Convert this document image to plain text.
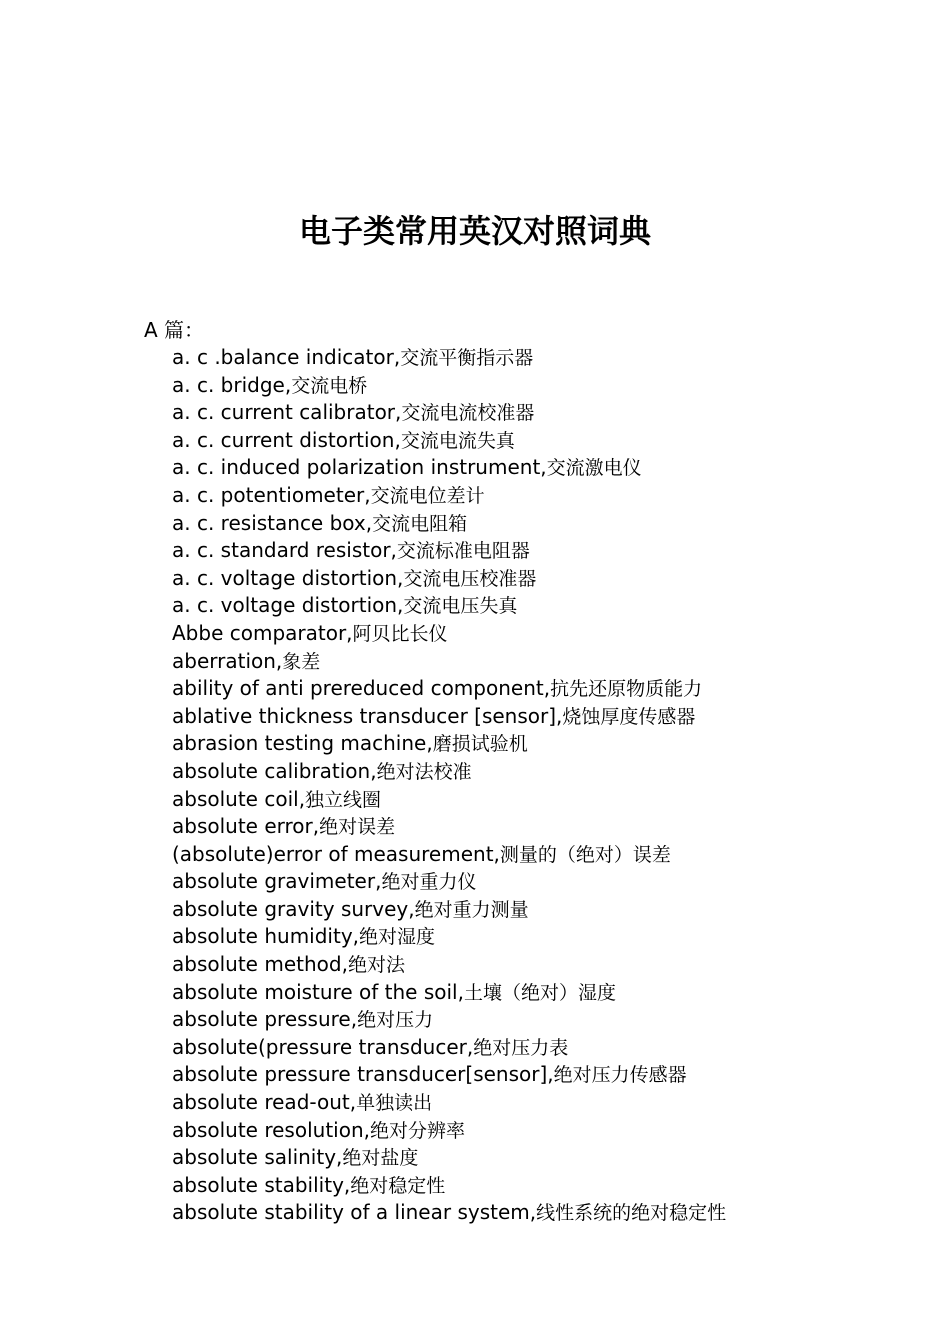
电子类常用英汉对照词典
A 篇：
a. c .balance indicator,交流平衡指示器
a. c. bridge,交流电桥
a. c. current calibrator,交流电流校准器
a. c. current distortion,交流电流失真
a. c. induced polarization instrument,交流激电仪
a. c. potentiometer,交流电位差计
a. c. resistance box,交流电阻箱
a. c. standard resistor,交流标准电阻器
a. c. voltage distortion,交流电压校准器
a. c. voltage distortion,交流电压失真
Abbe comparator,阿贝比长仪
aberration,象差
ability of anti prereduced component,抗先还原物质能力
ablative thickness transducer [sensor],烧蚀厚度传感器
abrasion testing machine,磨损试验机
absolute calibration,绝对法校准
absolute coil,独立线圈
absolute error,绝对误差
(absolute)error of measurement,测量的（绝对）误差
absolute gravimeter,绝对重力仪
absolute gravity survey,绝对重力测量
absolute humidity,绝对湿度
absolute method,绝对法
absolute moisture of the soil,土壤（绝对）湿度
absolute pressure,绝对压力
absolute(pressure transducer,绝对压力表
absolute pressure transducer[sensor],绝对压力传感器
absolute read-out,单独读出
absolute resolution,绝对分辨率
absolute salinity,绝对盐度
absolute stability,绝对稳定性
absolute stability of a linear system,线性系统的绝对稳定性
